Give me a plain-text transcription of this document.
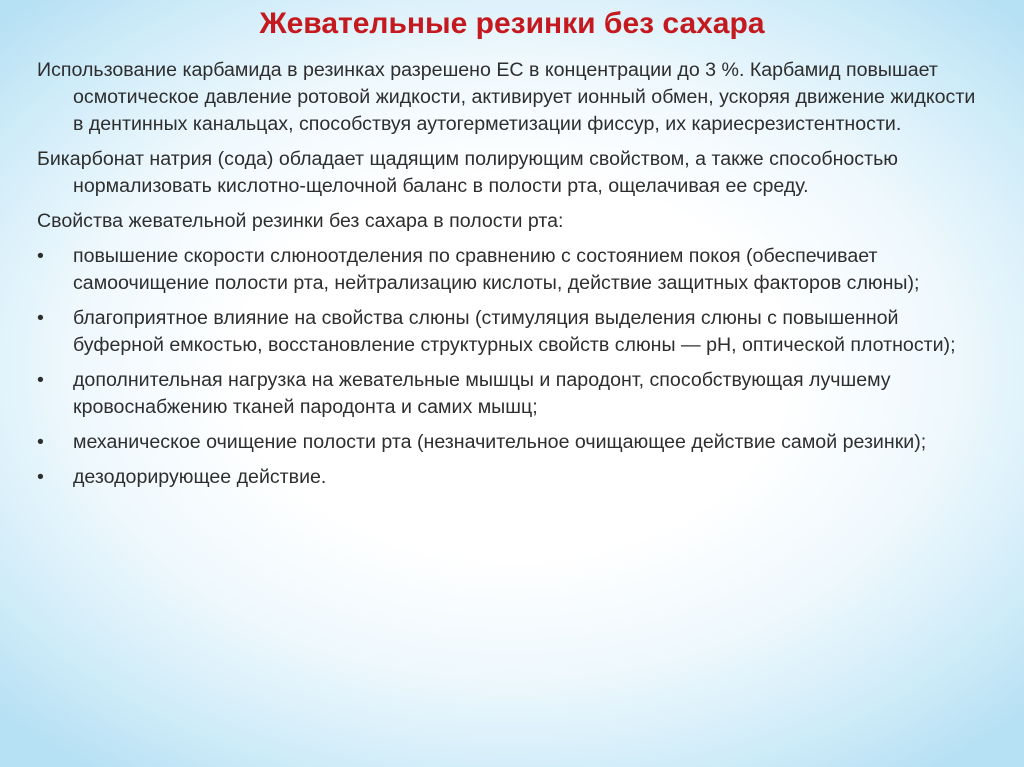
Жевательные резинки без сахара

Использование карбамида в резинках разрешено ЕС в концентрации до 3 %. Карбамид повышает осмотическое давление ротовой жидкости, активирует ионный обмен, ускоряя движение жидкости в дентинных канальцах, способствуя аутогерметизации фиссур, их кариесрезистентности.

Бикарбонат натрия (сода) обладает щадящим полирующим свойством, а также способностью нормализовать кислотно-щелочной баланс в полости рта, ощелачивая ее среду.

Свойства жевательной резинки без сахара в полости рта:

•	повышение скорости слюноотделения по сравнению с состоянием покоя (обеспечивает самоочищение полости рта, нейтрализацию кислоты, действие защитных факторов слюны);
•	благоприятное влияние на свойства слюны (стимуляция выделения слюны с повышенной буферной емкостью, восстановление структурных свойств слюны — рН, оптической плотности);
•	дополнительная нагрузка на жевательные мышцы и пародонт, способствующая лучшему кровоснабжению тканей пародонта и самих мышц;
•	механическое очищение полости рта (незначительное очищающее действие самой резинки);
•	дезодорирующее действие.
